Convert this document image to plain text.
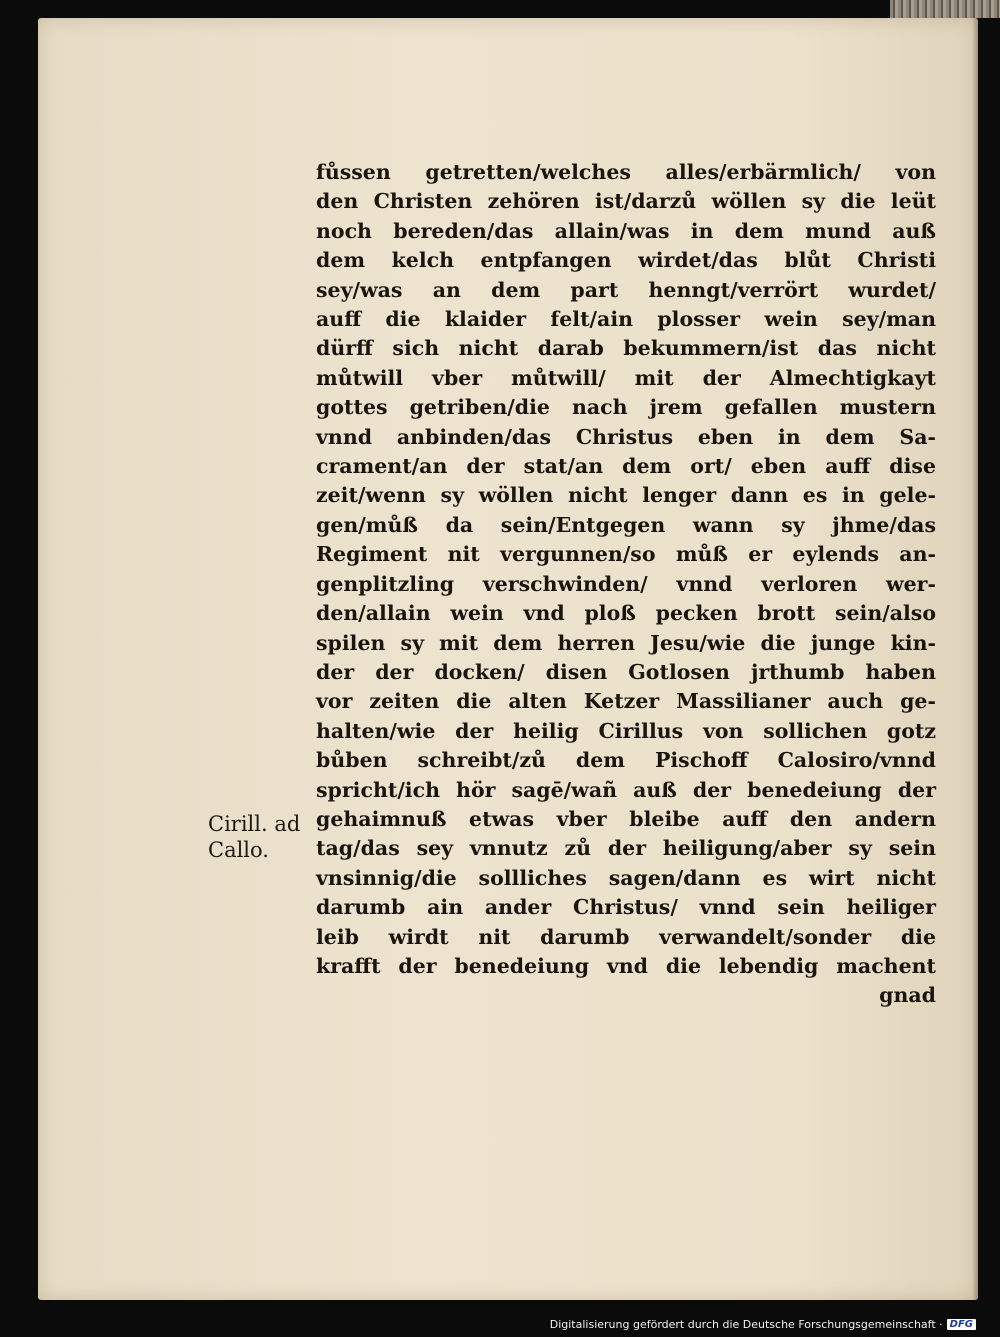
Cirill. ad
Callo.
fůssen getretten/welches alles/erbärmlich/ von
den Christen zehören ist/darzů wöllen sy die leüt
noch bereden/das allain/was in dem mund auß
dem kelch entpfangen wirdet/das blůt Christi
sey/was an dem part henngt/verrört wurdet/
auff die klaider felt/ain plosser wein sey/man
dürff sich nicht darab bekummern/ist das nicht
můtwill vber můtwill/ mit der Almechtigkayt
gottes getriben/die nach jrem gefallen mustern
vnnd anbinden/das Christus eben in dem Sa-
crament/an der stat/an dem ort/ eben auff dise
zeit/wenn sy wöllen nicht lenger dann es in gele-
gen/můß da sein/Entgegen wann sy jhme/das
Regiment nit vergunnen/so můß er eylends an-
genplitzling verschwinden/ vnnd verloren wer-
den/allain wein vnd ploß pecken brott sein/also
spilen sy mit dem herren Jesu/wie die junge kin-
der der docken/ disen Gotlosen jrthumb haben
vor zeiten die alten Ketzer Massilianer auch ge-
halten/wie der heilig Cirillus von sollichen gotz
bůben schreibt/zů dem Pischoff Calosiro/vnnd
spricht/ich hör sagē/wañ auß der benedeiung der
gehaimnuß etwas vber bleibe auff den andern
tag/das sey vnnutz zů der heiligung/aber sy sein
vnsinnig/die sollliches sagen/dann es wirt nicht
darumb ain ander Christus/ vnnd sein heiliger
leib wirdt nit darumb verwandelt/sonder die
krafft der benedeiung vnd die lebendig machent
gnad
Digitalisierung gefördert durch die Deutsche Forschungsgemeinschaft · DFG
